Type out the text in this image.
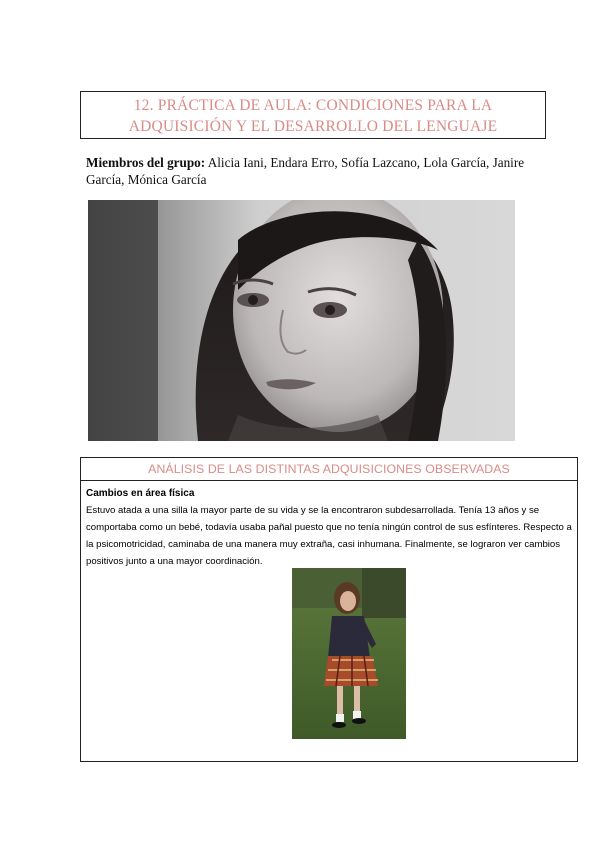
12. PRÁCTICA DE AULA: CONDICIONES PARA LA
ADQUISICIÓN Y EL DESARROLLO DEL LENGUAJE
Miembros del grupo: Alicia Iani, Endara Erro, Sofía Lazcano, Lola García, Janire García, Mónica García
ANÁLISIS DE LAS DISTINTAS ADQUISICIONES OBSERVADAS
Cambios en área física
Estuvo atada a una silla la mayor parte de su vida y se la encontraron subdesarrollada. Tenía 13 años y se comportaba como un bebé, todavía usaba pañal puesto que no tenía ningún control de sus esfínteres. Respecto a la psicomotricidad, caminaba de una manera muy extraña, casi inhumana. Finalmente, se lograron ver cambios positivos junto a una mayor coordinación.
